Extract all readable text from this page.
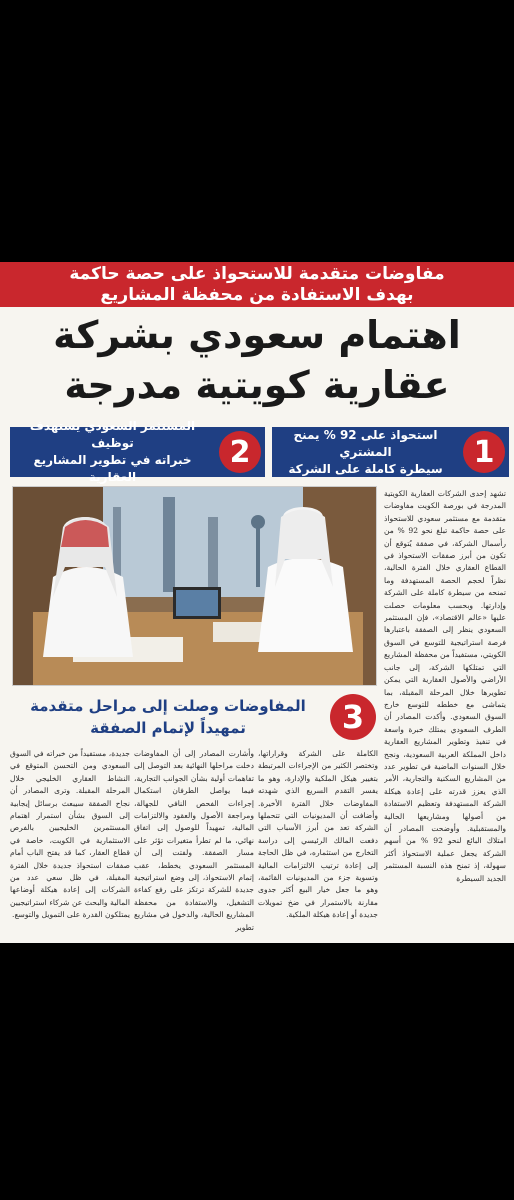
مفاوضات متقدمة للاستحواذ على حصة حاكمة
بهدف الاستفادة من محفظة المشاريع
اهتمام سعودي بشركة
عقارية كويتية مدرجة
1
استحواذ على 92 % يمنح المشتري
سيطرة كاملة على الشركة
2
المستثمر السعودي يستهدف توظيف
خبراته في تطوير المشاريع العقارية
تشهد إحدى الشركات العقارية الكويتية المدرجة في بورصة الكويت مفاوضات متقدمة مع مستثمر سعودي للاستحواذ على حصة حاكمة تبلغ نحو 92 % من رأسمال الشركة، في صفقة يُتوقع أن تكون من أبرز صفقات الاستحواذ في القطاع العقاري خلال الفترة الحالية، نظراً لحجم الحصة المستهدفة وما تمنحه من سيطرة كاملة على الشركة وإدارتها. وبحسب معلومات حصلت عليها «عالم الاقتصاد»، فإن المستثمر السعودي ينظر إلى الصفقة باعتبارها فرصة استراتيجية للتوسع في السوق الكويتي، مستفيداً من محفظة المشاريع التي تمتلكها الشركة، إلى جانب الأراضي والأصول العقارية التي يمكن تطويرها خلال المرحلة المقبلة، بما يتماشى مع خططه للتوسع خارج السوق السعودي. وأكدت المصادر أن الطرف السعودي يمتلك خبرة واسعة في تنفيذ وتطوير المشاريع العقارية داخل المملكة العربية السعودية، ونجح خلال السنوات الماضية في تطوير عدد من المشاريع السكنية والتجارية، الأمر الذي يعزز قدرته على إعادة هيكلة الشركة المستهدفة وتعظيم الاستفادة من أصولها ومشاريعها الحالية والمستقبلية. وأوضحت المصادر أن امتلاك البائع لنحو 92 % من أسهم الشركة يجعل عملية الاستحواذ أكثر سهولة، إذ تمنح هذه النسبة المستثمر الجديد السيطرة
3
المفاوضات وصلت إلى مراحل متقدمة
تمهيداً لإتمام الصفقة
الكاملة على الشركة وقراراتها، وتختصر الكثير من الإجراءات المرتبطة بتغيير هيكل الملكية والإدارة، وهو ما يفسر التقدم السريع الذي شهدته المفاوضات خلال الفترة الأخيرة. وأضافت أن المديونيات التي تتحملها الشركة تعد من أبرز الأسباب التي دفعت المالك الرئيسي إلى دراسة التخارج من استثماره، في ظل الحاجة إلى إعادة ترتيب الالتزامات المالية وتسوية جزء من المديونيات القائمة، وهو ما جعل خيار البيع أكثر جدوى مقارنة بالاستمرار في ضخ تمويلات جديدة أو إعادة هيكلة الملكية.
وأشارت المصادر إلى أن المفاوضات دخلت مراحلها النهائية بعد التوصل إلى تفاهمات أولية بشأن الجوانب التجارية، فيما يواصل الطرفان استكمال إجراءات الفحص النافي للجهالة، ومراجعة الأصول والعقود والالتزامات المالية، تمهيداً للوصول إلى اتفاق نهائي، ما لم تطرأ متغيرات تؤثر على مسار الصفقة. ولفتت إلى أن المستثمر السعودي يخطط، عقب إتمام الاستحواذ، إلى وضع استراتيجية جديدة للشركة ترتكز على رفع كفاءة التشغيل، والاستفادة من محفظة المشاريع الحالية، والدخول في مشاريع تطوير
جديدة، مستفيداً من خبراته في السوق السعودي ومن التحسن المتوقع في النشاط العقاري الخليجي خلال المرحلة المقبلة. وترى المصادر أن نجاح الصفقة سيبعث برسائل إيجابية إلى السوق بشأن استمرار اهتمام المستثمرين الخليجيين بالفرص الاستثمارية في الكويت، خاصة في قطاع العقار، كما قد يفتح الباب أمام صفقات استحواذ جديدة خلال الفترة المقبلة، في ظل سعي عدد من الشركات إلى إعادة هيكلة أوضاعها المالية والبحث عن شركاء استراتيجيين يمتلكون القدرة على التمويل والتوسع.
